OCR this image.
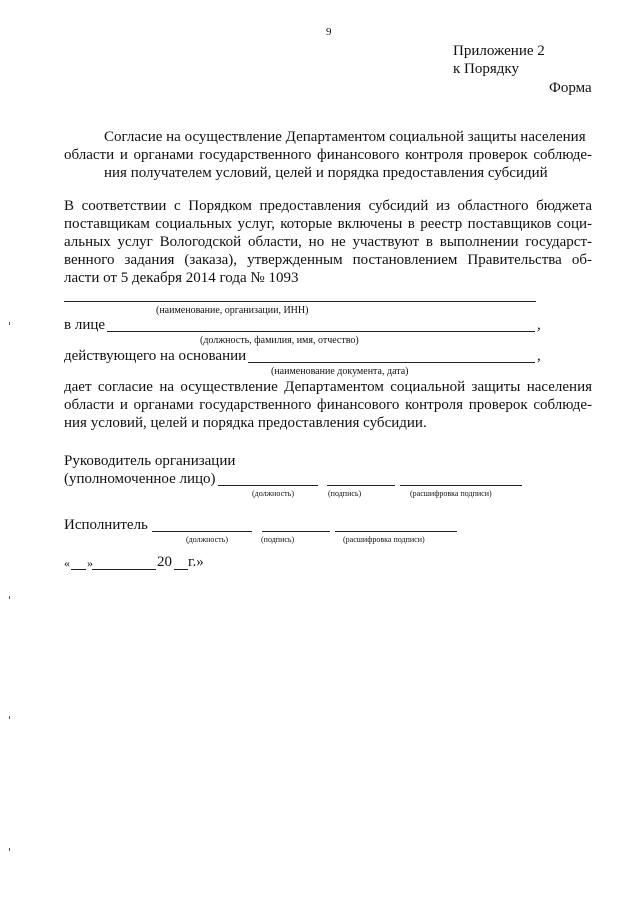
9
Приложение 2
к Порядку
Форма
Согласие на осуществление Департаментом социальной защиты населения
области и органами государственного финансового контроля проверок соблюде-
ния получателем условий, целей и порядка предоставления субсидий
В соответствии с Порядком предоставления субсидий из областного бюджета
поставщикам социальных услуг, которые включены в реестр поставщиков соци-
альных услуг Вологодской области, но не участвуют в выполнении государст-
венного задания (заказа), утвержденным постановлением Правительства об-
ласти от 5 декабря 2014 года № 1093
(наименование, организации, ИНН)
в лице	,
(должность, фамилия, имя, отчество)
действующего на основании	,
(наименование документа, дата)
дает согласие на осуществление Департаментом социальной защиты населения
области и органами государственного финансового контроля проверок соблюде-
ния условий, целей и порядка предоставления субсидии.
Руководитель организации
(уполномоченное лицо)
(должность)	(подпись)	(расшифровка подписи)
Исполнитель
(должность)	(подпись)	(расшифровка подписи)
« »	20 г.»
